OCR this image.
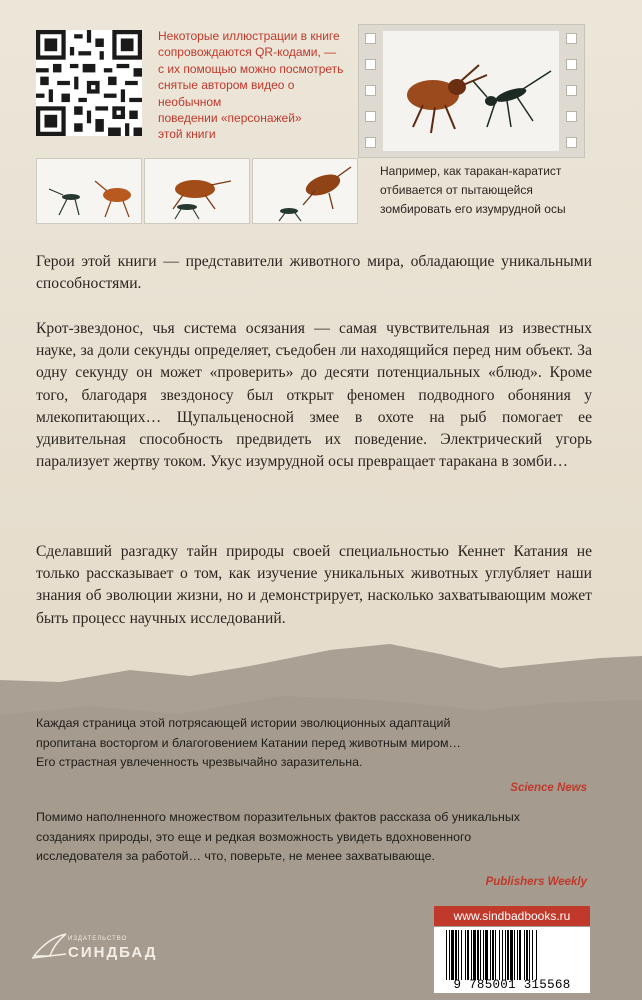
Некоторые иллюстрации в книге
сопровождаются QR-кодами, —
с их помощью можно посмотреть
снятые автором видео о необычном
поведении «персонажей»
этой книги
Например, как таракан-каратист
отбивается от пытающейся
зомбировать его изумрудной осы

Герои этой книги — представители животного мира, обладающие уникальными способностями.

Крот-звездонос, чья система осязания — самая чувствительная из известных науке, за доли секунды определяет, съедобен ли находящийся перед ним объект. За одну секунду он может «проверить» до десяти потенциальных «блюд». Кроме того, благодаря звездоносу был открыт феномен подводного обоняния у млекопитающих… Щупальценосной змее в охоте на рыб помогает ее удивительная способность предвидеть их поведение. Электрический угорь парализует жертву током. Укус изумрудной осы превращает таракана в зомби…

Сделавший разгадку тайн природы своей специальностью Кеннет Катания не только рассказывает о том, как изучение уникальных животных углубляет наши знания об эволюции жизни, но и демонстрирует, насколько захватывающим может быть процесс научных исследований.

Каждая страница этой потрясающей истории эволюционных адаптаций
пропитана восторгом и благоговением Катании перед животным миром…
Его страстная увлеченность чрезвычайно заразительна.
Science News
Помимо наполненного множеством поразительных фактов рассказа об уникальных
созданиях природы, это еще и редкая возможность увидеть вдохновенного
исследователя за работой… что, поверьте, не менее захватывающе.
Publishers Weekly
ИЗДАТЕЛЬСТВО
СИНДБАД
www.sindbadbooks.ru
9 785001 315568
